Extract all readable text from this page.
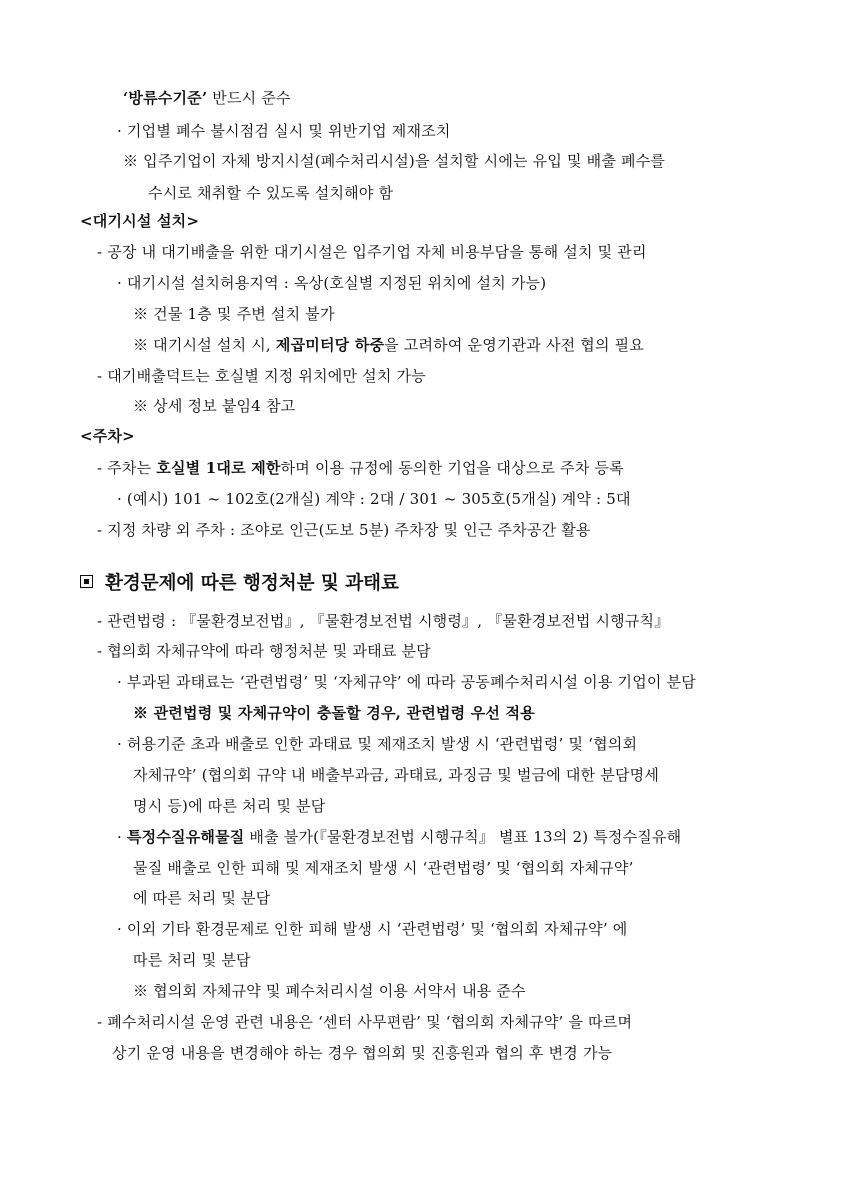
‘방류수기준’ 반드시 준수
· 기업별 폐수 불시점검 실시 및 위반기업 제재조치
※ 입주기업이 자체 방지시설(폐수처리시설)을 설치할 시에는 유입 및 배출 폐수를
수시로 채취할 수 있도록 설치해야 함
<대기시설 설치>
- 공장 내 대기배출을 위한 대기시설은 입주기업 자체 비용부담을 통해 설치 및 관리
· 대기시설 설치허용지역 : 옥상(호실별 지정된 위치에 설치 가능)
※ 건물 1층 및 주변 설치 불가
※ 대기시설 설치 시, 제곱미터당 하중을 고려하여 운영기관과 사전 협의 필요
- 대기배출덕트는 호실별 지정 위치에만 설치 가능
※ 상세 정보 붙임4 참고
<주차>
- 주차는 호실별 1대로 제한하며 이용 규정에 동의한 기업을 대상으로 주차 등록
· (예시) 101 ~ 102호(2개실) 계약 : 2대 / 301 ~ 305호(5개실) 계약 : 5대
- 지정 차량 외 주차 : 조야로 인근(도보 5분) 주차장 및 인근 주차공간 활용
환경문제에 따른 행정처분 및 과태료
- 관련법령 : 『물환경보전법』, 『물환경보전법 시행령』, 『물환경보전법 시행규칙』
- 협의회 자체규약에 따라 행정처분 및 과태료 분담
· 부과된 과태료는 ‘관련법령’ 및 ‘자체규약’ 에 따라 공동폐수처리시설 이용 기업이 분담
※ 관련법령 및 자체규약이 충돌할 경우, 관련법령 우선 적용
· 허용기준 초과 배출로 인한 과태료 및 제재조치 발생 시 ‘관련법령’ 및 ‘협의회
자체규약’ (협의회 규약 내 배출부과금, 과태료, 과징금 및 벌금에 대한 분담명세
명시 등)에 따른 처리 및 분담
· 특정수질유해물질 배출 불가(『물환경보전법 시행규칙』 별표 13의 2) 특정수질유해
물질 배출로 인한 피해 및 제재조치 발생 시 ‘관련법령’ 및 ‘협의회 자체규약’
에 따른 처리 및 분담
· 이외 기타 환경문제로 인한 피해 발생 시 ‘관련법령’ 및 ‘협의회 자체규약’ 에
따른 처리 및 분담
※ 협의회 자체규약 및 폐수처리시설 이용 서약서 내용 준수
- 폐수처리시설 운영 관련 내용은 ‘센터 사무편람’ 및 ‘협의회 자체규약’ 을 따르며
상기 운영 내용을 변경해야 하는 경우 협의회 및 진흥원과 협의 후 변경 가능
